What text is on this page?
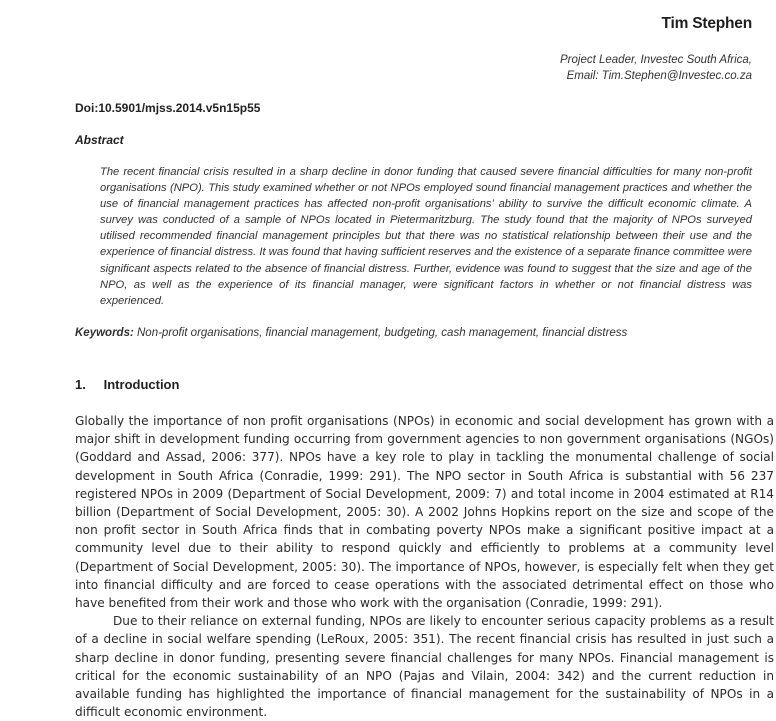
Tim Stephen
Project Leader, Investec South Africa,
Email: Tim.Stephen@Investec.co.za
Doi:10.5901/mjss.2014.v5n15p55
Abstract
The recent financial crisis resulted in a sharp decline in donor funding that caused severe financial difficulties for many non-profit organisations (NPO). This study examined whether or not NPOs employed sound financial management practices and whether the use of financial management practices has affected non-profit organisations’ ability to survive the difficult economic climate. A survey was conducted of a sample of NPOs located in Pietermaritzburg. The study found that the majority of NPOs surveyed utilised recommended financial management principles but that there was no statistical relationship between their use and the experience of financial distress. It was found that having sufficient reserves and the existence of a separate finance committee were significant aspects related to the absence of financial distress. Further, evidence was found to suggest that the size and age of the NPO, as well as the experience of its financial manager, were significant factors in whether or not financial distress was experienced.
Keywords: Non-profit organisations, financial management, budgeting, cash management, financial distress
1. Introduction

Globally the importance of non profit organisations (NPOs) in economic and social development has grown with a major shift in development funding occurring from government agencies to non government organisations (NGOs) (Goddard and Assad, 2006: 377). NPOs have a key role to play in tackling the monumental challenge of social development in South Africa (Conradie, 1999: 291). The NPO sector in South Africa is substantial with 56 237 registered NPOs in 2009 (Department of Social Development, 2009: 7) and total income in 2004 estimated at R14 billion (Department of Social Development, 2005: 30). A 2002 Johns Hopkins report on the size and scope of the non profit sector in South Africa finds that in combating poverty NPOs make a significant positive impact at a community level due to their ability to respond quickly and efficiently to problems at a community level (Department of Social Development, 2005: 30). The importance of NPOs, however, is especially felt when they get into financial difficulty and are forced to cease operations with the associated detrimental effect on those who have benefited from their work and those who work with the organisation (Conradie, 1999: 291).

Due to their reliance on external funding, NPOs are likely to encounter serious capacity problems as a result of a decline in social welfare spending (LeRoux, 2005: 351). The recent financial crisis has resulted in just such a sharp decline in donor funding, presenting severe financial challenges for many NPOs. Financial management is critical for the economic sustainability of an NPO (Pajas and Vilain, 2004: 342) and the current reduction in available funding has highlighted the importance of financial management for the sustainability of NPOs in a difficult economic environment.
